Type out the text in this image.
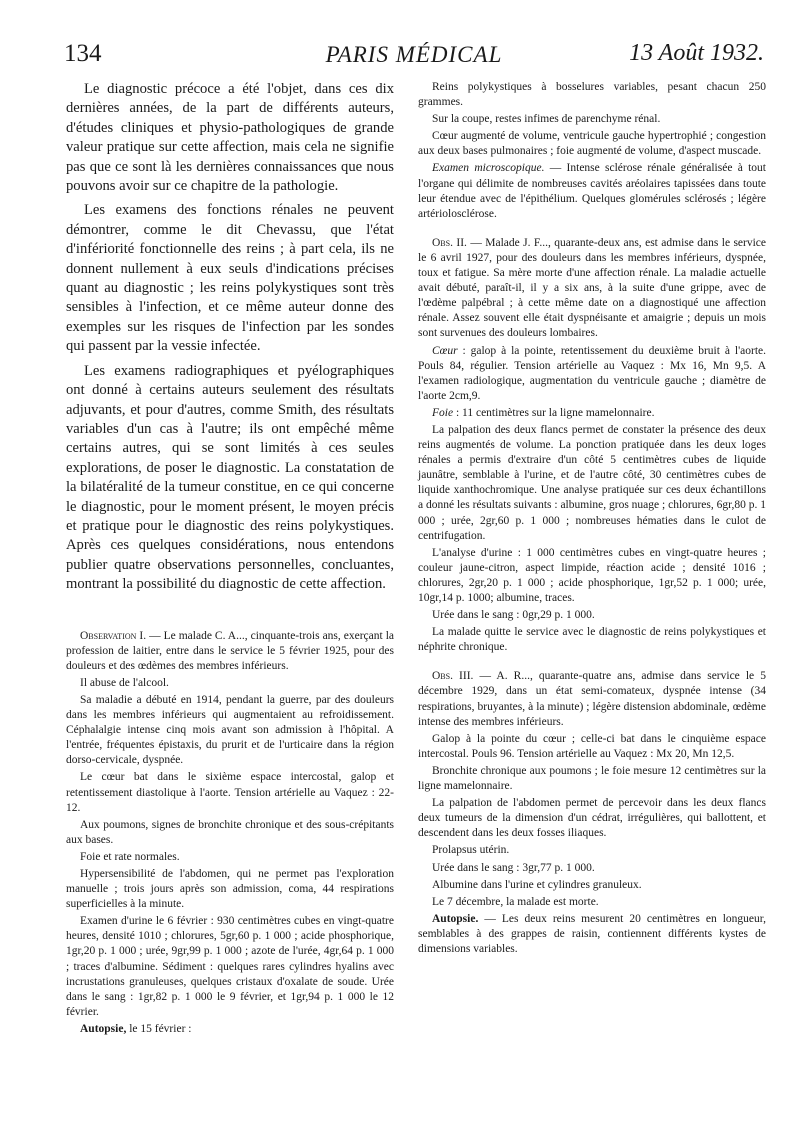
134	PARIS MÉDICAL	13 Août 1932.

Le diagnostic précoce a été l'objet, dans ces dix dernières années, de la part de différents auteurs, d'études cliniques et physio-pathologiques de grande valeur pratique sur cette affection, mais cela ne signifie pas que ce sont là les dernières connaissances que nous pouvons avoir sur ce chapitre de la pathologie.

Les examens des fonctions rénales ne peuvent démontrer, comme le dit Chevassu, que l'état d'infériorité fonctionnelle des reins ; à part cela, ils ne donnent nullement à eux seuls d'indications précises quant au diagnostic ; les reins polykystiques sont très sensibles à l'infection, et ce même auteur donne des exemples sur les risques de l'infection par les sondes qui passent par la vessie infectée.

Les examens radiographiques et pyélographiques ont donné à certains auteurs seulement des résultats adjuvants, et pour d'autres, comme Smith, des résultats variables d'un cas à l'autre; ils ont empêché même certains autres, qui se sont limités à ces seules explorations, de poser le diagnostic. La constatation de la bilatéralité de la tumeur constitue, en ce qui concerne le diagnostic, pour le moment présent, le moyen précis et pratique pour le diagnostic des reins polykystiques. Après ces quelques considérations, nous entendons publier quatre observations personnelles, concluantes, montrant la possibilité du diagnostic de cette affection.

Observation I. — Le malade C. A..., cinquante-trois ans, exerçant la profession de laitier, entre dans le service le 5 février 1925, pour des douleurs et des œdèmes des membres inférieurs.

Il abuse de l'alcool.

Sa maladie a débuté en 1914, pendant la guerre, par des douleurs dans les membres inférieurs qui augmentaient au refroidissement. Céphalalgie intense cinq mois avant son admission à l'hôpital. A l'entrée, fréquentes épistaxis, du prurit et de l'urticaire dans la région dorso-cervicale, dyspnée.

Le cœur bat dans le sixième espace intercostal, galop et retentissement diastolique à l'aorte. Tension artérielle au Vaquez : 22-12.

Aux poumons, signes de bronchite chronique et des sous-crépitants aux bases.

Foie et rate normales.

Hypersensibilité de l'abdomen, qui ne permet pas l'exploration manuelle ; trois jours après son admission, coma, 44 respirations superficielles à la minute.

Examen d'urine le 6 février : 930 centimètres cubes en vingt-quatre heures, densité 1010 ; chlorures, 5gr,60 p. 1 000 ; acide phosphorique, 1gr,20 p. 1 000 ; urée, 9gr,99 p. 1 000 ; azote de l'urée, 4gr,64 p. 1 000 ; traces d'albumine. Sédiment : quelques rares cylindres hyalins avec incrustations granuleuses, quelques cristaux d'oxalate de soude. Urée dans le sang : 1gr,82 p. 1 000 le 9 février, et 1gr,94 p. 1 000 le 12 février.

Autopsie, le 15 février :

Reins polykystiques à bosselures variables, pesant chacun 250 grammes.

Sur la coupe, restes infimes de parenchyme rénal.

Cœur augmenté de volume, ventricule gauche hypertrophié ; congestion aux deux bases pulmonaires ; foie augmenté de volume, d'aspect muscade.

Examen microscopique. — Intense sclérose rénale généralisée à tout l'organe qui délimite de nombreuses cavités aréolaires tapissées dans toute leur étendue avec de l'épithélium. Quelques glomérules sclérosés ; légère artériolosclérose.

Obs. II. — Malade J. F..., quarante-deux ans, est admise dans le service le 6 avril 1927, pour des douleurs dans les membres inférieurs, dyspnée, toux et fatigue. Sa mère morte d'une affection rénale. La maladie actuelle avait débuté, paraît-il, il y a six ans, à la suite d'une grippe, avec de l'œdème palpébral ; à cette même date on a diagnostiqué une affection rénale. Assez souvent elle était dyspnéisante et amaigrie ; depuis un mois sont survenues des douleurs lombaires.

Cœur : galop à la pointe, retentissement du deuxième bruit à l'aorte. Pouls 84, régulier. Tension artérielle au Vaquez : Mx 16, Mn 9,5. A l'examen radiologique, augmentation du ventricule gauche ; diamètre de l'aorte 2cm,9.

Foie : 11 centimètres sur la ligne mamelonnaire.

La palpation des deux flancs permet de constater la présence des deux reins augmentés de volume. La ponction pratiquée dans les deux loges rénales a permis d'extraire d'un côté 5 centimètres cubes de liquide jaunâtre, semblable à l'urine, et de l'autre côté, 30 centimètres cubes de liquide xanthochromique. Une analyse pratiquée sur ces deux échantillons a donné les résultats suivants : albumine, gros nuage ; chlorures, 6gr,80 p. 1 000 ; urée, 2gr,60 p. 1 000 ; nombreuses hématies dans le culot de centrifugation.

L'analyse d'urine : 1 000 centimètres cubes en vingt-quatre heures ; couleur jaune-citron, aspect limpide, réaction acide ; densité 1016 ; chlorures, 2gr,20 p. 1 000 ; acide phosphorique, 1gr,52 p. 1 000; urée, 10gr,14 p. 1000; albumine, traces.

Urée dans le sang : 0gr,29 p. 1 000.

La malade quitte le service avec le diagnostic de reins polykystiques et néphrite chronique.

Obs. III. — A. R..., quarante-quatre ans, admise dans service le 5 décembre 1929, dans un état semi-comateux, dyspnée intense (34 respirations, bruyantes, à la minute) ; légère distension abdominale, œdème intense des membres inférieurs.

Galop à la pointe du cœur ; celle-ci bat dans le cinquième espace intercostal. Pouls 96. Tension artérielle au Vaquez : Mx 20, Mn 12,5.

Bronchite chronique aux poumons ; le foie mesure 12 centimètres sur la ligne mamelonnaire.

La palpation de l'abdomen permet de percevoir dans les deux flancs deux tumeurs de la dimension d'un cédrat, irrégulières, qui ballottent, et descendent dans les deux fosses iliaques.

Prolapsus utérin.

Urée dans le sang : 3gr,77 p. 1 000.

Albumine dans l'urine et cylindres granuleux.

Le 7 décembre, la malade est morte.

Autopsie. — Les deux reins mesurent 20 centimètres en longueur, semblables à des grappes de raisin, contiennent différents kystes de dimensions variables.
